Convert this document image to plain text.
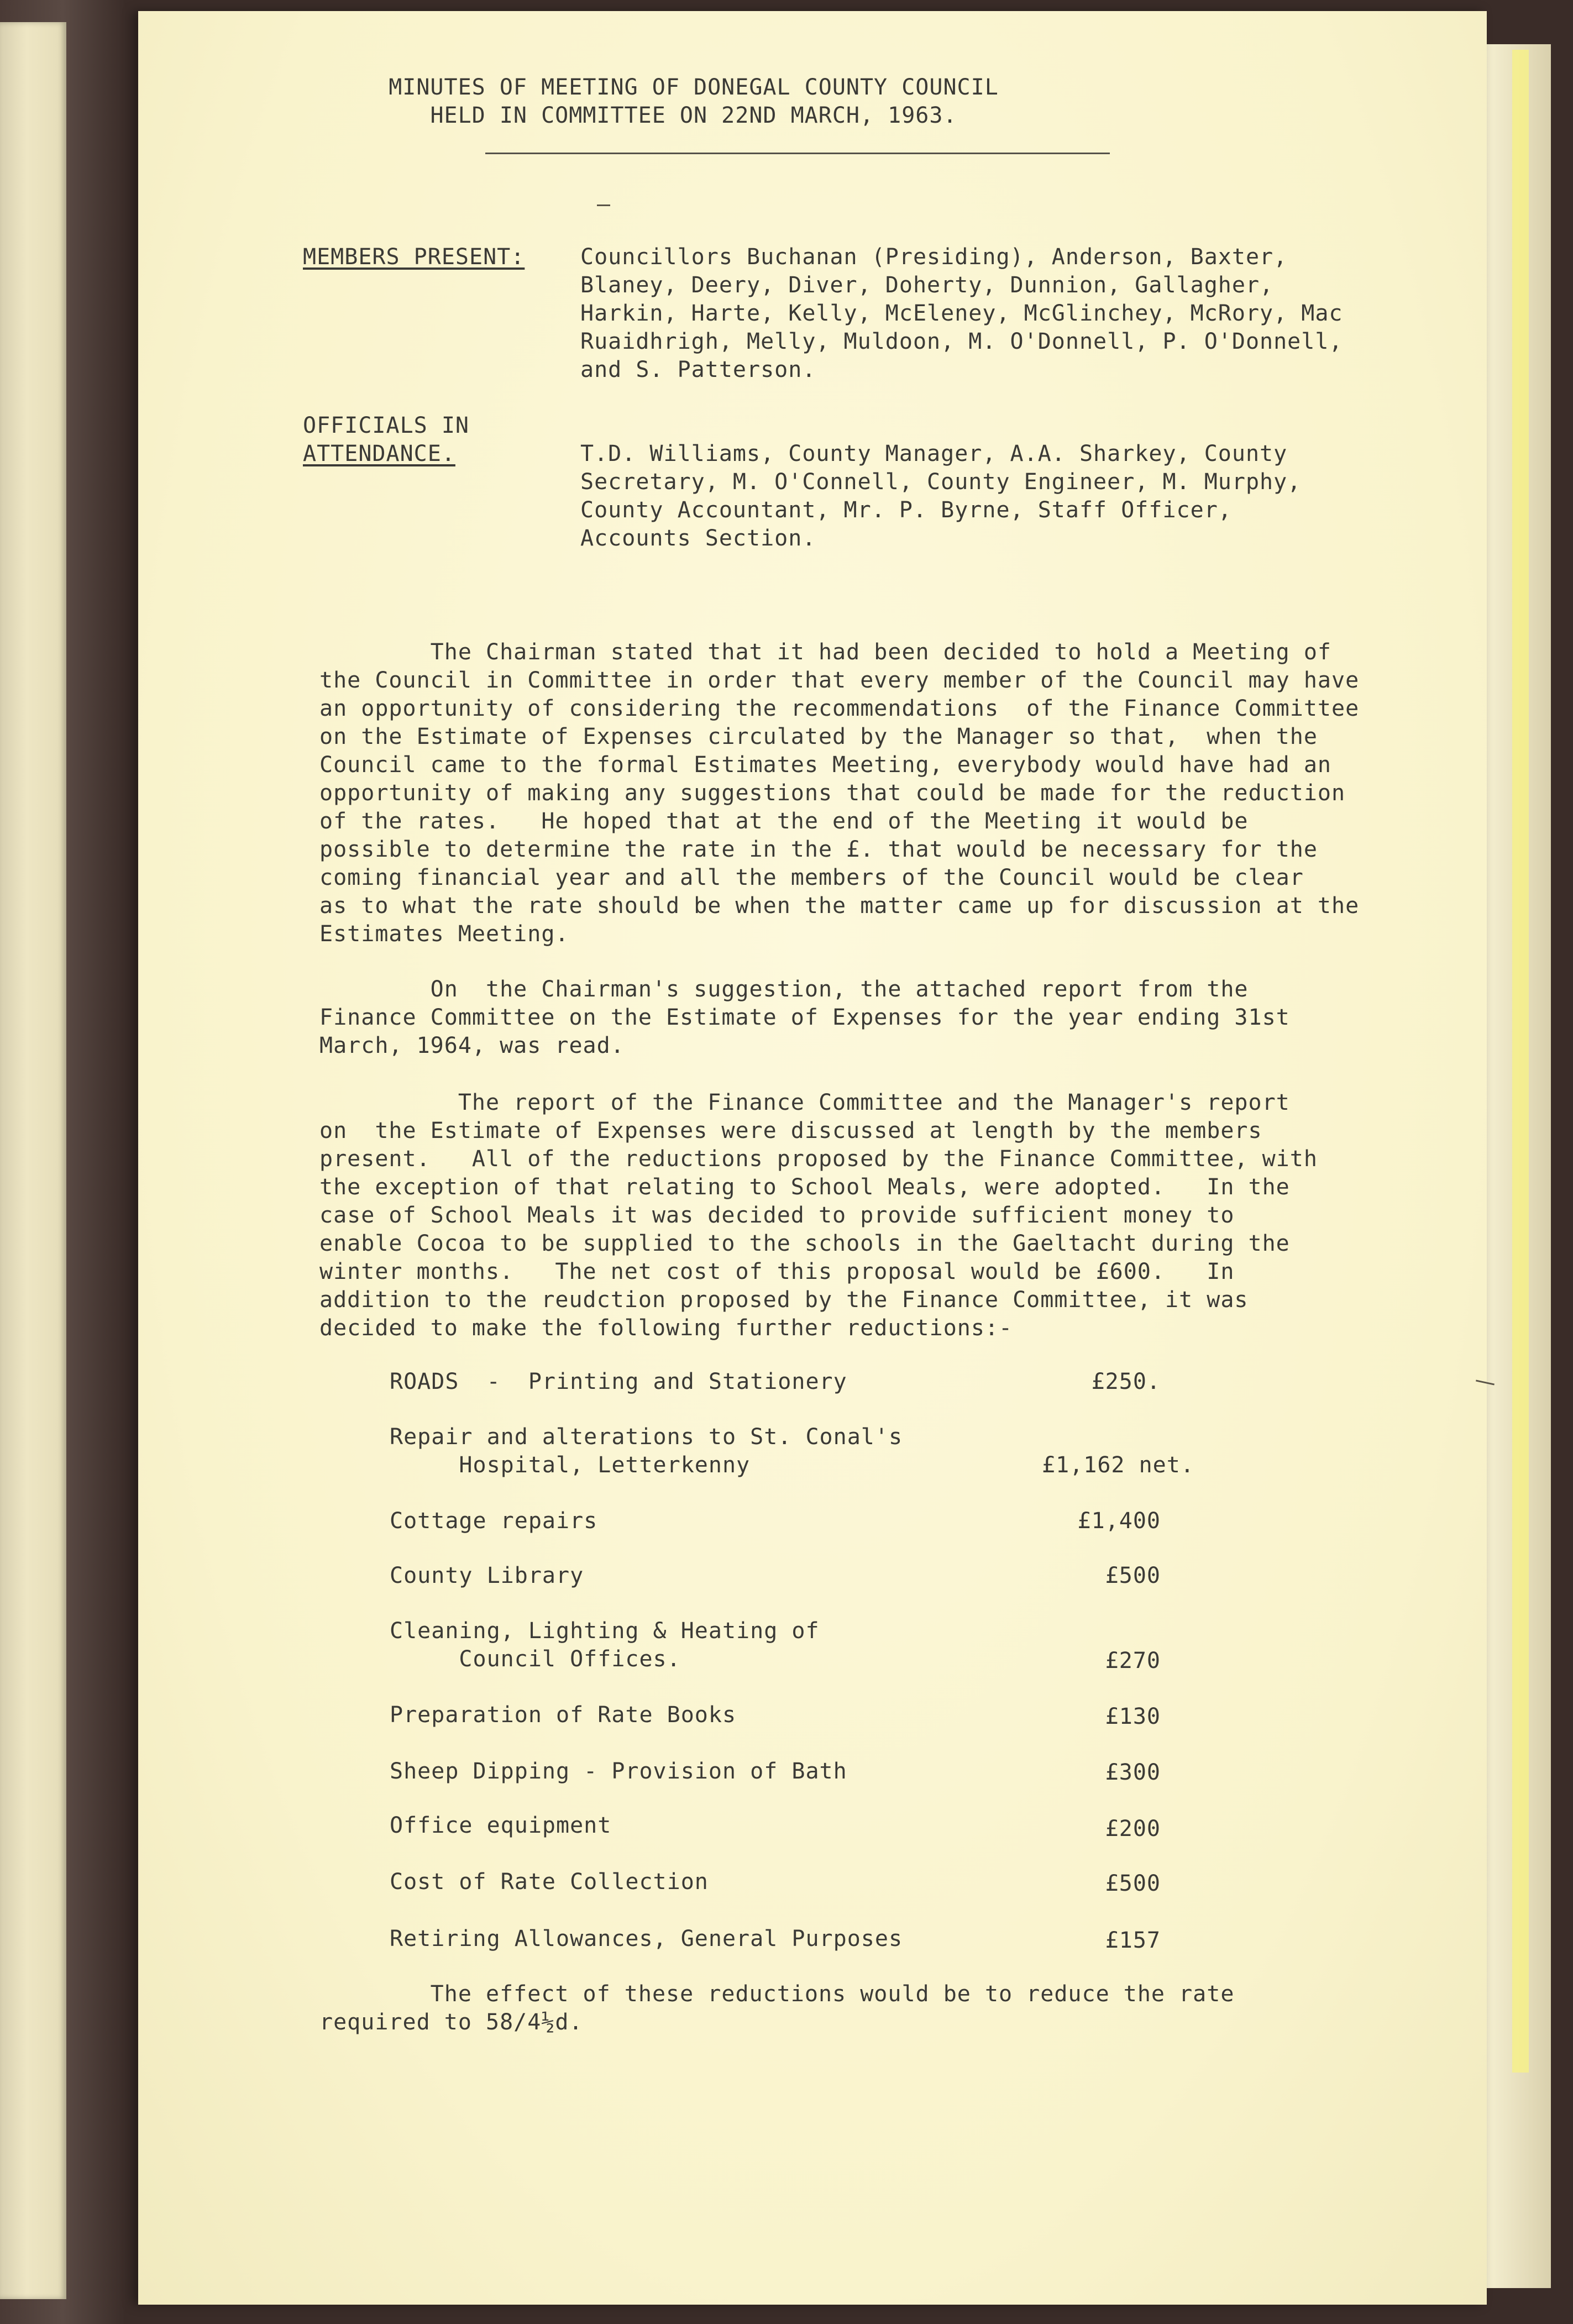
MINUTES OF MEETING OF DONEGAL COUNTY COUNCIL
HELD IN COMMITTEE ON 22ND MARCH, 1963.
MEMBERS PRESENT:	Councillors Buchanan (Presiding), Anderson, Baxter,
Blaney, Deery, Diver, Doherty, Dunnion, Gallagher,
Harkin, Harte, Kelly, McEleney, McGlinchey, McRory, Mac
Ruaidhrigh, Melly, Muldoon, M. O'Donnell, P. O'Donnell,
and S. Patterson.
OFFICIALS IN
ATTENDANCE.	T.D. Williams, County Manager, A.A. Sharkey, County
Secretary, M. O'Connell, County Engineer, M. Murphy,
County Accountant, Mr. P. Byrne, Staff Officer,
Accounts Section.
The Chairman stated that it had been decided to hold a Meeting of
the Council in Committee in order that every member of the Council may have
an opportunity of considering the recommendations  of the Finance Committee
on the Estimate of Expenses circulated by the Manager so that,  when the
Council came to the formal Estimates Meeting, everybody would have had an
opportunity of making any suggestions that could be made for the reduction
of the rates.   He hoped that at the end of the Meeting it would be
possible to determine the rate in the £. that would be necessary for the
coming financial year and all the members of the Council would be clear
as to what the rate should be when the matter came up for discussion at the
Estimates Meeting.
On  the Chairman's suggestion, the attached report from the
Finance Committee on the Estimate of Expenses for the year ending 31st
March, 1964, was read.
The report of the Finance Committee and the Manager's report
on  the Estimate of Expenses were discussed at length by the members
present.   All of the reductions proposed by the Finance Committee, with
the exception of that relating to School Meals, were adopted.   In the
case of School Meals it was decided to provide sufficient money to
enable Cocoa to be supplied to the schools in the Gaeltacht during the
winter months.   The net cost of this proposal would be £600.   In
addition to the reudction proposed by the Finance Committee, it was
decided to make the following further reductions:-
ROADS  -  Printing and Stationery	£250.
Repair and alterations to St. Conal's
Hospital, Letterkenny	£1,162 net.
Cottage repairs	£1,400
County Library	£500
Cleaning, Lighting & Heating of
Council Offices.	£270
Preparation of Rate Books	£130
Sheep Dipping - Provision of Bath	£300
Office equipment	£200
Cost of Rate Collection	£500
Retiring Allowances, General Purposes	£157
The effect of these reductions would be to reduce the rate
required to 58/4½d.
